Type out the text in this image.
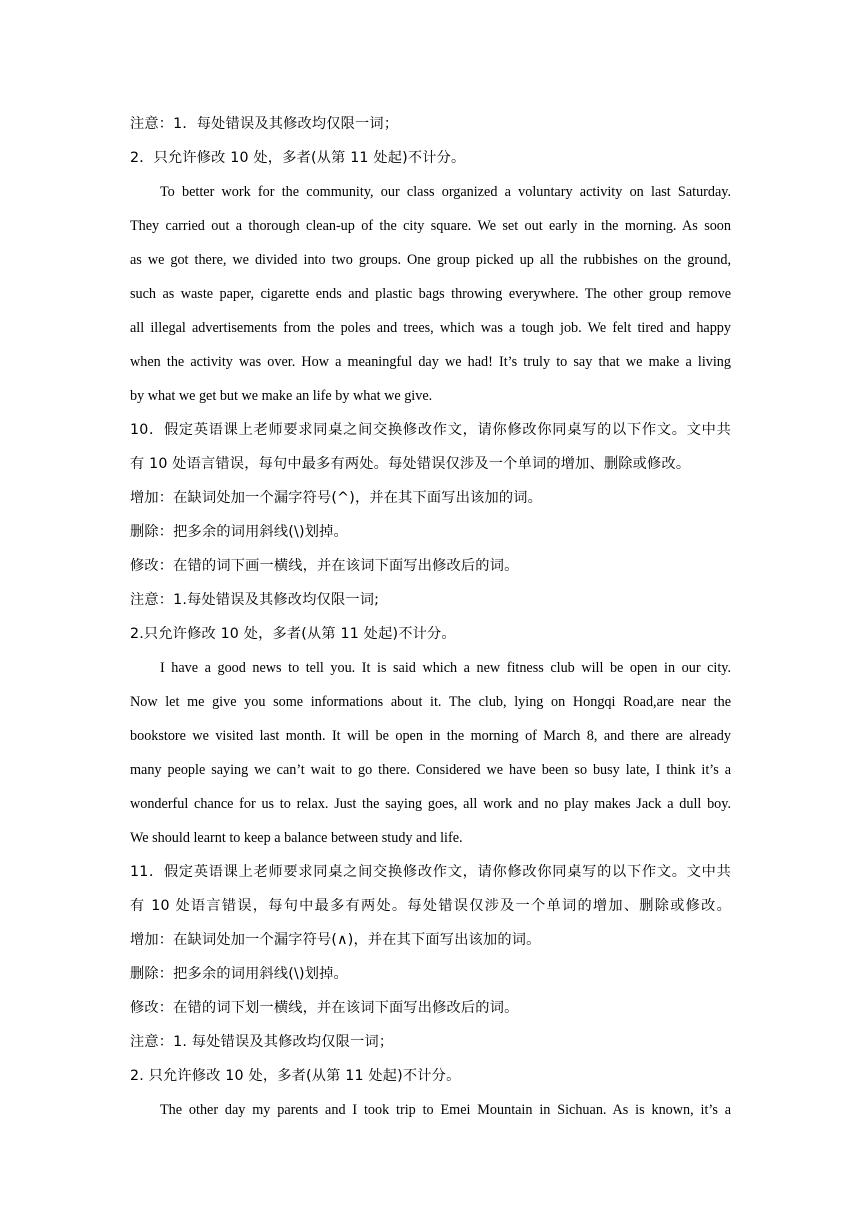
注意：1．每处错误及其修改均仅限一词；

2．只允许修改 10 处，多者(从第 11 处起)不计分。

To better work for the community, our class organized a voluntary activity on last Saturday.

They carried out a thorough clean-up of the city square. We set out early in the morning. As soon

as we got there, we divided into two groups. One group picked up all the rubbishes on the ground,

such as waste paper, cigarette ends and plastic bags throwing everywhere. The other group remove

all illegal advertisements from the poles and trees, which was a tough job. We felt tired and happy

when the activity was over. How a meaningful day we had! It’s truly to say that we make a living

by what we get but we make an life by what we give.

10．假定英语课上老师要求同桌之间交换修改作文，请你修改你同桌写的以下作文。文中共

有 10 处语言错误，每句中最多有两处。每处错误仅涉及一个单词的增加、删除或修改。

增加：在缺词处加一个漏字符号(^)，并在其下面写出该加的词。

删除：把多余的词用斜线(\)划掉。

修改：在错的词下画一横线，并在该词下面写出修改后的词。

注意：1.每处错误及其修改均仅限一词;

2.只允许修改 10 处，多者(从第 11 处起)不计分。

I have a good news to tell you. It is said which a new fitness club will be open in our city.

Now let me give you some informations about it. The club, lying on Hongqi Road,are near the

bookstore we visited last month. It will be open in the morning of March 8, and there are already

many people saying we can’t wait to go there. Considered we have been so busy late, I think it’s a

wonderful chance for us to relax. Just the saying goes, all work and no play makes Jack a dull boy.

We should learnt to keep a balance between study and life.

11．假定英语课上老师要求同桌之间交换修改作文，请你修改你同桌写的以下作文。文中共

有 10 处语言错误，每句中最多有两处。每处错误仅涉及一个单词的增加、删除或修改。

增加：在缺词处加一个漏字符号(∧)，并在其下面写出该加的词。

删除：把多余的词用斜线(\)划掉。

修改：在错的词下划一横线，并在该词下面写出修改后的词。

注意：1. 每处错误及其修改均仅限一词；

2. 只允许修改 10 处，多者(从第 11 处起)不计分。

The other day my parents and I took trip to Emei Mountain in Sichuan. As is known, it’s a
